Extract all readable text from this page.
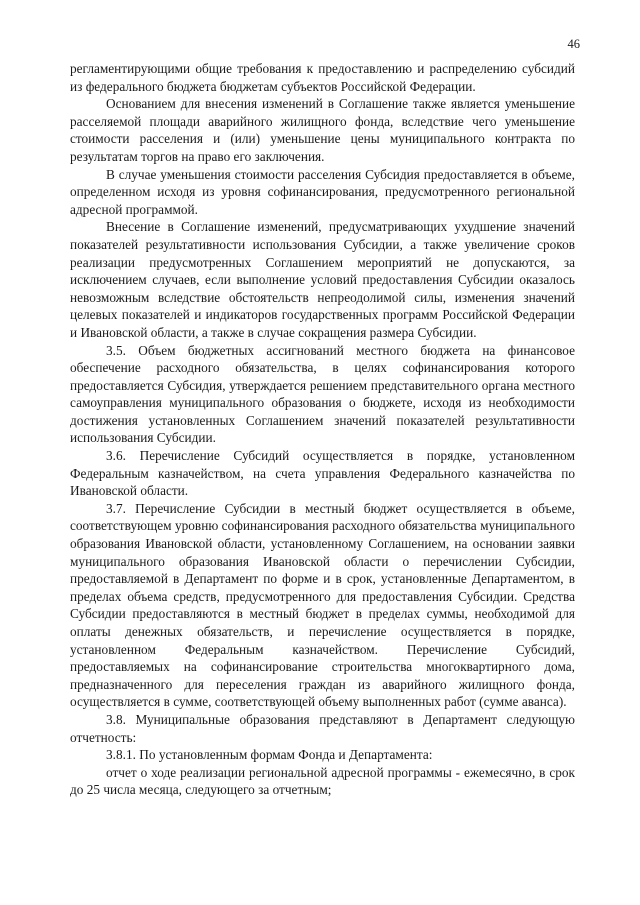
46

регламентирующими общие требования к предоставлению и распределению субсидий из федерального бюджета бюджетам субъектов Российской Федерации.

Основанием для внесения изменений в Соглашение также является уменьшение расселяемой площади аварийного жилищного фонда, вследствие чего уменьшение стоимости расселения и (или) уменьшение цены муниципального контракта по результатам торгов на право его заключения.

В случае уменьшения стоимости расселения Субсидия предоставляется в объеме, определенном исходя из уровня софинансирования, предусмотренного региональной адресной программой.

Внесение в Соглашение изменений, предусматривающих ухудшение значений показателей результативности использования Субсидии, а также увеличение сроков реализации предусмотренных Соглашением мероприятий не допускаются, за исключением случаев, если выполнение условий предоставления Субсидии оказалось невозможным вследствие обстоятельств непреодолимой силы, изменения значений целевых показателей и индикаторов государственных программ Российской Федерации и Ивановской области, а также в случае сокращения размера Субсидии.

3.5. Объем бюджетных ассигнований местного бюджета на финансовое обеспечение расходного обязательства, в целях софинансирования которого предоставляется Субсидия, утверждается решением представительного органа местного самоуправления муниципального образования о бюджете, исходя из необходимости достижения установленных Соглашением значений показателей результативности использования Субсидии.

3.6. Перечисление Субсидий осуществляется в порядке, установленном Федеральным казначейством, на счета управления Федерального казначейства по Ивановской области.

3.7. Перечисление Субсидии в местный бюджет осуществляется в объеме, соответствующем уровню софинансирования расходного обязательства муниципального образования Ивановской области, установленному Соглашением, на основании заявки муниципального образования Ивановской области о перечислении Субсидии, предоставляемой в Департамент по форме и в срок, установленные Департаментом, в пределах объема средств, предусмотренного для предоставления Субсидии. Средства Субсидии предоставляются в местный бюджет в пределах суммы, необходимой для оплаты денежных обязательств, и перечисление осуществляется в порядке, установленном Федеральным казначейством. Перечисление Субсидий, предоставляемых на софинансирование строительства многоквартирного дома, предназначенного для переселения граждан из аварийного жилищного фонда, осуществляется в сумме, соответствующей объему выполненных работ (сумме аванса).

3.8. Муниципальные образования представляют в Департамент следующую отчетность:

3.8.1. По установленным формам Фонда и Департамента:

отчет о ходе реализации региональной адресной программы - ежемесячно, в срок до 25 числа месяца, следующего за отчетным;
